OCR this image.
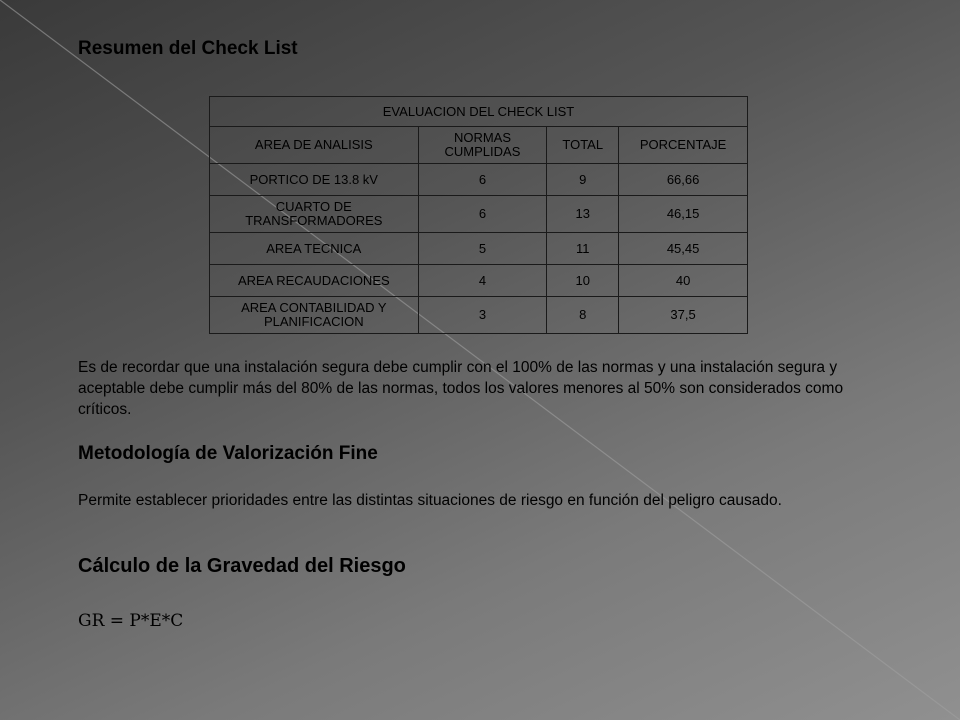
Resumen del Check List
EVALUACION DEL CHECK LIST			
AREA DE ANALISIS	NORMAS CUMPLIDAS	TOTAL	PORCENTAJE
PORTICO DE 13.8 kV	6	9	66,66
CUARTO DE TRANSFORMADORES	6	13	46,15
AREA TECNICA	5	11	45,45
AREA RECAUDACIONES	4	10	40
AREA CONTABILIDAD Y PLANIFICACION	3	8	37,5

Es de recordar que una instalación segura debe cumplir con el 100% de las normas y una instalación segura y aceptable debe cumplir más del 80% de las normas, todos los valores menores al 50% son considerados como críticos.

Metodología de Valorización Fine

Permite establecer prioridades entre las distintas situaciones de riesgo en función del peligro causado.

Cálculo de la Gravedad del Riesgo
GR = P*E*C
